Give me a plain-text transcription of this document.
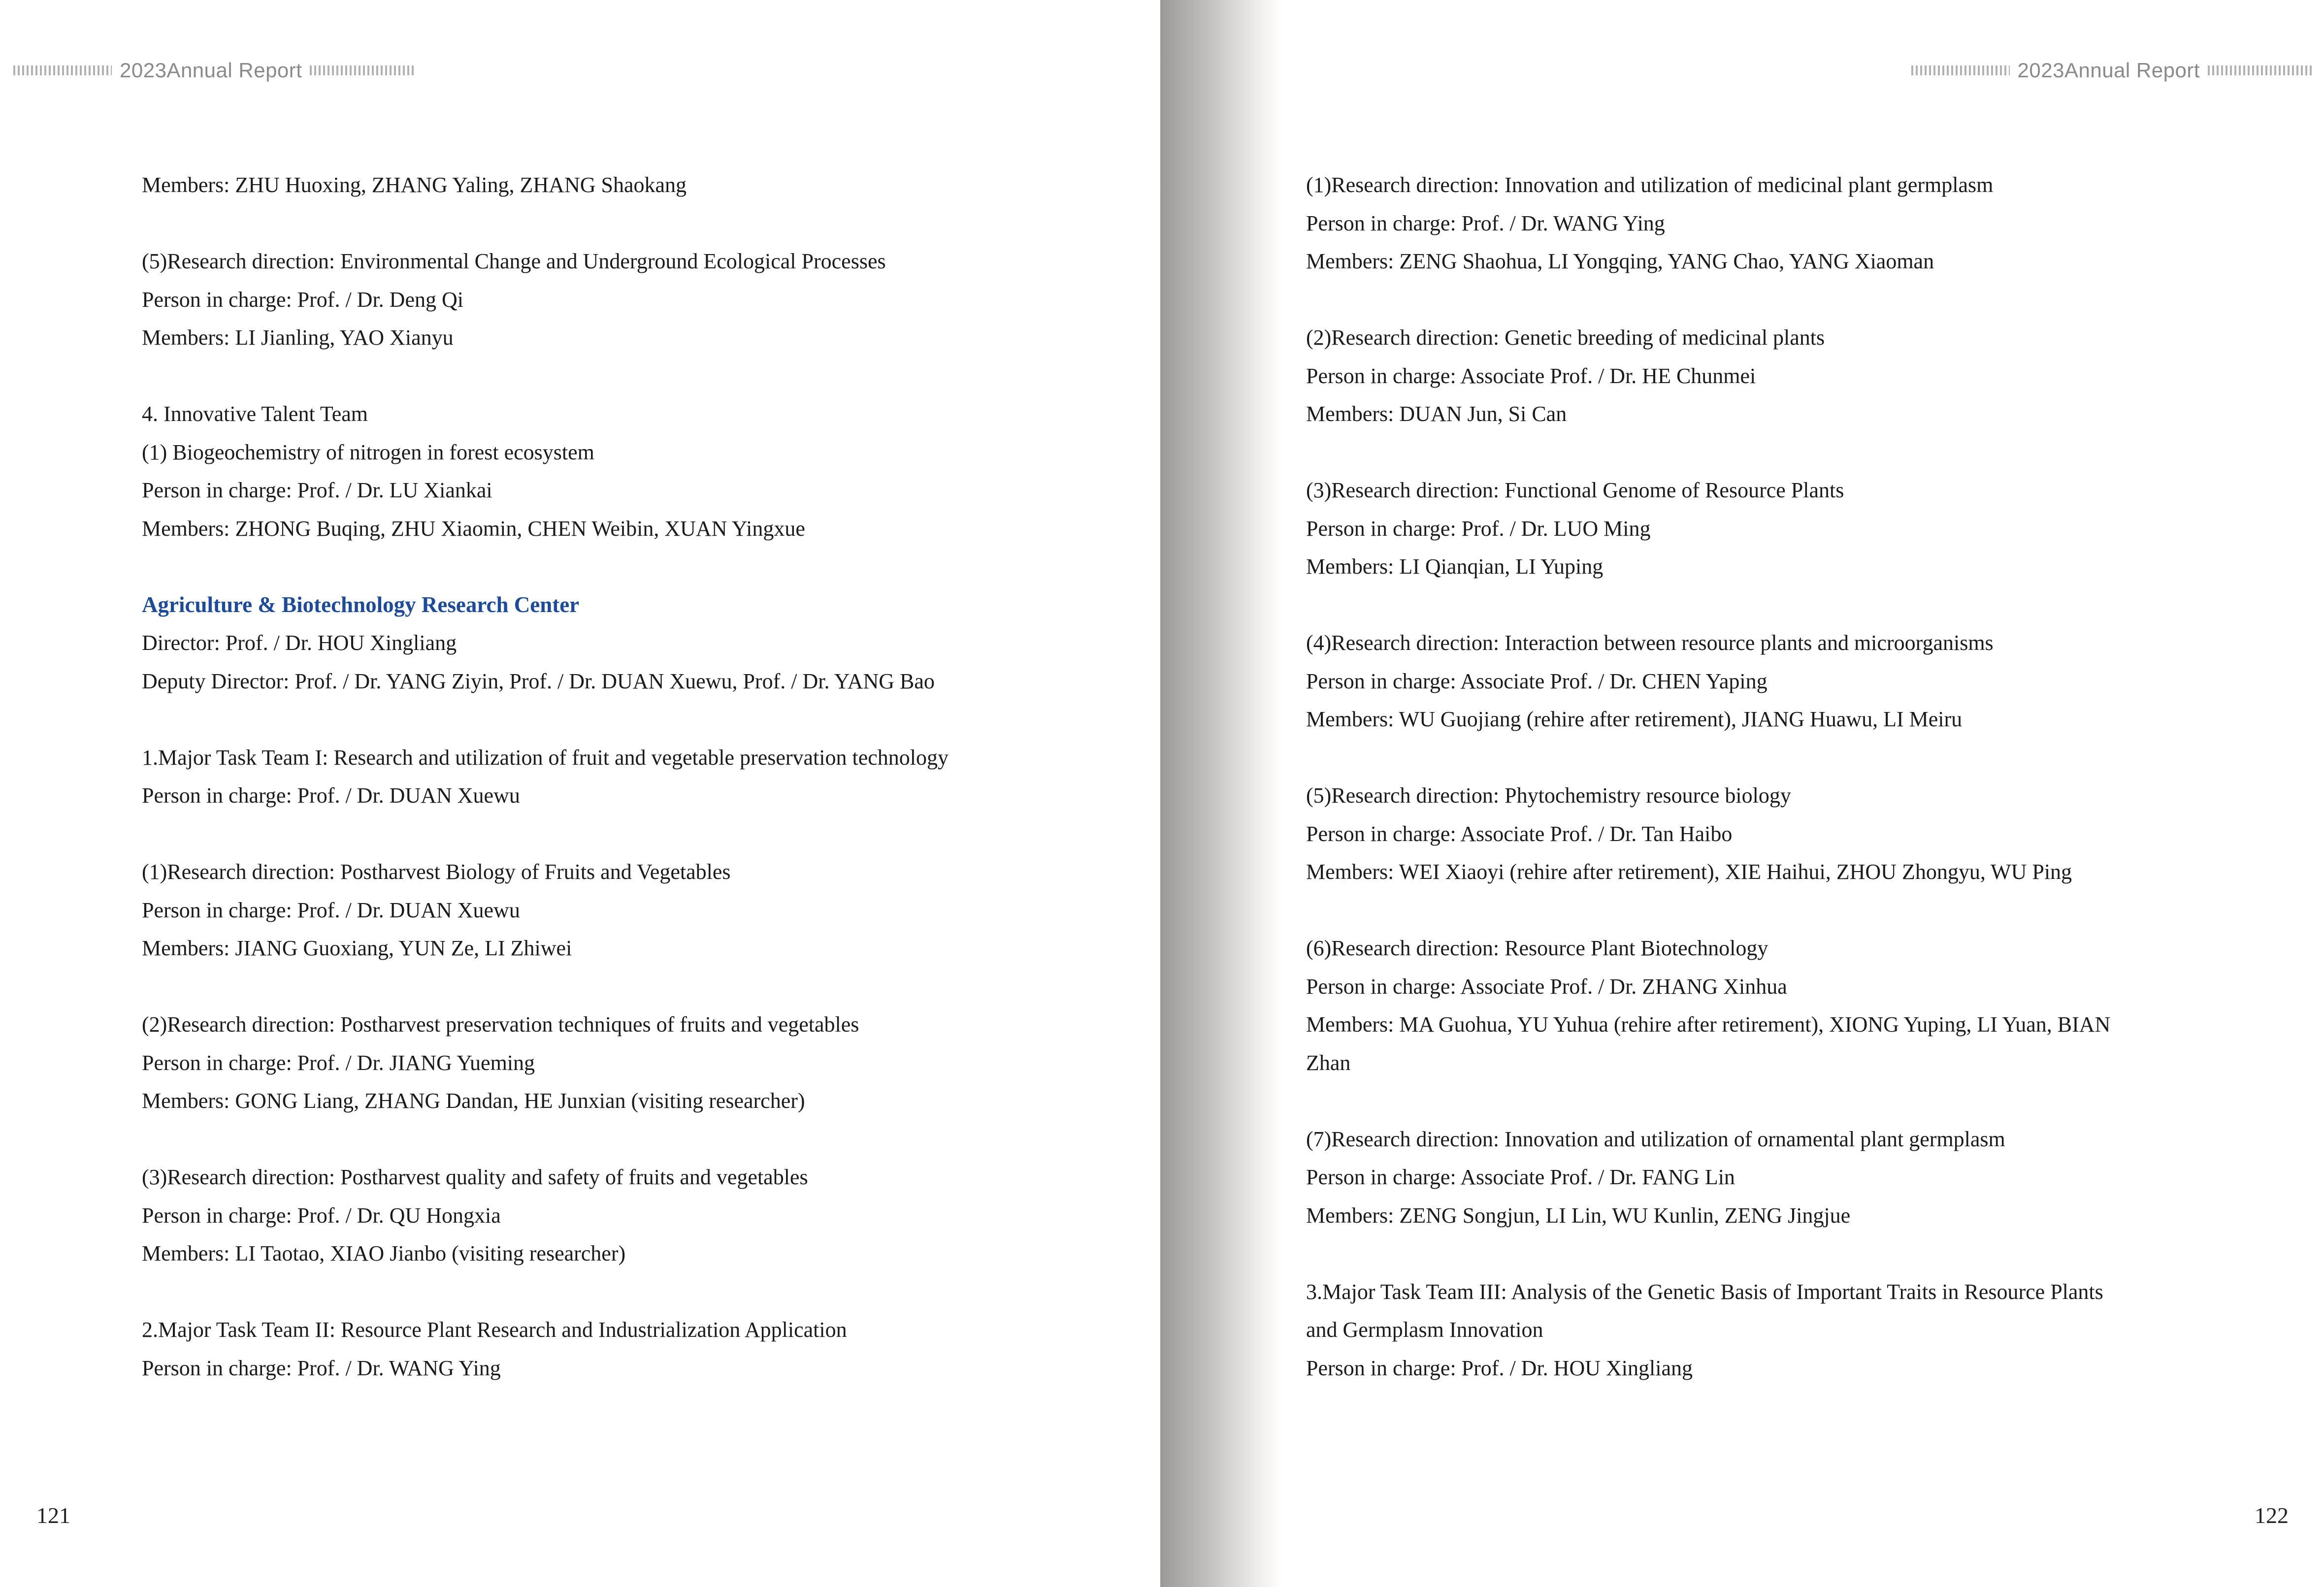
2023Annual Report
Members: ZHU Huoxing, ZHANG Yaling, ZHANG Shaokang
(5)Research direction: Environmental Change and Underground Ecological Processes
Person in charge: Prof. / Dr. Deng Qi
Members: LI Jianling, YAO Xianyu
4. Innovative Talent Team
(1) Biogeochemistry of nitrogen in forest ecosystem
Person in charge: Prof. / Dr. LU Xiankai
Members: ZHONG Buqing, ZHU Xiaomin, CHEN Weibin, XUAN Yingxue
Agriculture & Biotechnology Research Center
Director: Prof. / Dr. HOU Xingliang
Deputy Director: Prof. / Dr. YANG Ziyin, Prof. / Dr. DUAN Xuewu, Prof. / Dr. YANG Bao
1.Major Task Team I: Research and utilization of fruit and vegetable preservation technology
Person in charge: Prof. / Dr. DUAN Xuewu
(1)Research direction: Postharvest Biology of Fruits and Vegetables
Person in charge: Prof. / Dr. DUAN Xuewu
Members: JIANG Guoxiang, YUN Ze, LI Zhiwei
(2)Research direction: Postharvest preservation techniques of fruits and vegetables
Person in charge: Prof. / Dr. JIANG Yueming
Members: GONG Liang, ZHANG Dandan, HE Junxian (visiting researcher)
(3)Research direction: Postharvest quality and safety of fruits and vegetables
Person in charge: Prof. / Dr. QU Hongxia
Members: LI Taotao, XIAO Jianbo (visiting researcher)
2.Major Task Team II: Resource Plant Research and Industrialization Application
Person in charge: Prof. / Dr. WANG Ying
121
2023Annual Report
(1)Research direction: Innovation and utilization of medicinal plant germplasm
Person in charge: Prof. / Dr. WANG Ying
Members: ZENG Shaohua, LI Yongqing, YANG Chao, YANG Xiaoman
(2)Research direction: Genetic breeding of medicinal plants
Person in charge: Associate Prof. / Dr. HE Chunmei
Members: DUAN Jun, Si Can
(3)Research direction: Functional Genome of Resource Plants
Person in charge: Prof. / Dr. LUO Ming
Members: LI Qianqian, LI Yuping
(4)Research direction: Interaction between resource plants and microorganisms
Person in charge: Associate Prof. / Dr. CHEN Yaping
Members: WU Guojiang (rehire after retirement), JIANG Huawu, LI Meiru
(5)Research direction: Phytochemistry resource biology
Person in charge: Associate Prof. / Dr. Tan Haibo
Members: WEI Xiaoyi (rehire after retirement), XIE Haihui, ZHOU Zhongyu, WU Ping
(6)Research direction: Resource Plant Biotechnology
Person in charge: Associate Prof. / Dr. ZHANG Xinhua
Members: MA Guohua, YU Yuhua (rehire after retirement), XIONG Yuping, LI Yuan, BIAN
Zhan
(7)Research direction: Innovation and utilization of ornamental plant germplasm
Person in charge: Associate Prof. / Dr. FANG Lin
Members: ZENG Songjun, LI Lin, WU Kunlin, ZENG Jingjue
3.Major Task Team III: Analysis of the Genetic Basis of Important Traits in Resource Plants
and Germplasm Innovation
Person in charge: Prof. / Dr. HOU Xingliang
122
